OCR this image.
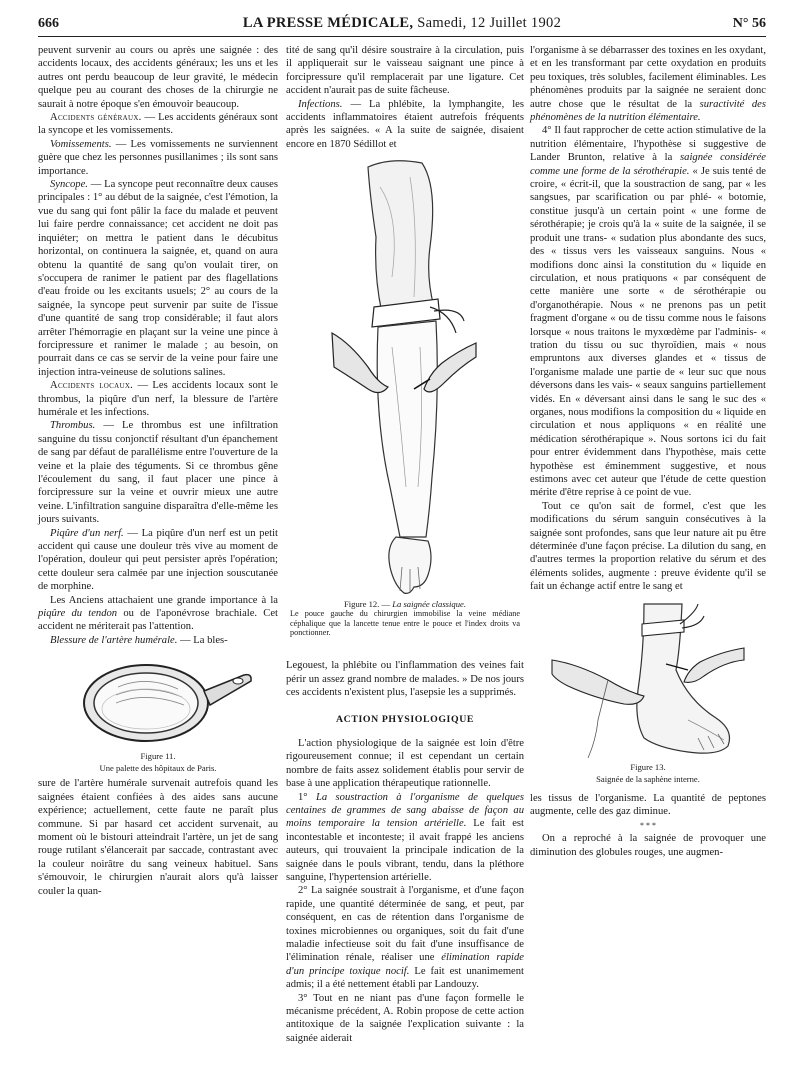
666	LA PRESSE MÉDICALE, Samedi, 12 Juillet 1902	N° 56

peuvent survenir au cours ou après une saignée : des accidents locaux, des accidents généraux; les uns et les autres ont perdu beaucoup de leur gravité, le médecin quelque peu au courant des choses de la chirurgie ne saurait à notre époque s'en émouvoir beaucoup.

Accidents généraux. — Les accidents généraux sont la syncope et les vomissements.

Vomissements. — Les vomissements ne surviennent guère que chez les personnes pusillanimes ; ils sont sans importance.

Syncope. — La syncope peut reconnaître deux causes principales : 1° au début de la saignée, c'est l'émotion, la vue du sang qui font pâlir la face du malade et peuvent lui faire perdre connaissance; cet accident ne doit pas inquiéter; on mettra le patient dans le décubitus horizontal, on continuera la saignée, et, quand on aura obtenu la quantité de sang qu'on voulait tirer, on s'occupera de ranimer le patient par des flagellations d'eau froide ou les excitants usuels; 2° au cours de la saignée, la syncope peut survenir par suite de l'issue d'une quantité de sang trop considérable; il faut alors arrêter l'hémorragie en plaçant sur la veine une pince à forcipressure et ranimer le malade ; au besoin, on pourrait dans ce cas se servir de la veine pour faire une injection intra-veineuse de solutions salines.

Accidents locaux. — Les accidents locaux sont le thrombus, la piqûre d'un nerf, la blessure de l'artère humérale et les infections.

Thrombus. — Le thrombus est une infiltration sanguine du tissu conjonctif résultant d'un épanchement de sang par défaut de parallélisme entre l'ouverture de la veine et la plaie des téguments. Si ce thrombus gêne l'écoulement du sang, il faut placer une pince à forcipressure sur la veine et ouvrir mieux une autre veine. L'infiltration sanguine disparaîtra d'elle-même les jours suivants.

Piqûre d'un nerf. — La piqûre d'un nerf est un petit accident qui cause une douleur très vive au moment de l'opération, douleur qui peut persister après l'opération; cette douleur sera calmée par une injection souscutanée de morphine.

Les Anciens attachaient une grande importance à la piqûre du tendon ou de l'aponévrose brachiale. Cet accident ne mériterait pas l'attention.

Blessure de l'artère humérale. — La bles-

Figure 11.
Une palette des hôpitaux de Paris.

sure de l'artère humérale survenait autrefois quand les saignées étaient confiées à des aides sans aucune expérience; actuellement, cette faute ne paraît plus commune. Si par hasard cet accident survenait, au moment où le bistouri atteindrait l'artère, un jet de sang rouge rutilant s'élancerait par saccade, contrastant avec la couleur noirâtre du sang veineux habituel. Sans s'émouvoir, le chirurgien n'aurait alors qu'à laisser couler la quan-

tité de sang qu'il désire soustraire à la circulation, puis il appliquerait sur le vaisseau saignant une pince à forcipressure qu'il remplacerait par une ligature. Cet accident n'aurait pas de suite fâcheuse.

Infections. — La phlébite, la lymphangite, les accidents inflammatoires étaient autrefois fréquents après les saignées. « A la suite de saignée, disaient encore en 1870 Sédillot et

Figure 12. — La saignée classique.
Le pouce gauche du chirurgien immobilise la veine médiane céphalique que la lancette tenue entre le pouce et l'index droits va ponctionner.

Legouest, la phlébite ou l'inflammation des veines fait périr un assez grand nombre de malades. » De nos jours ces accidents n'existent plus, l'asepsie les a supprimés.

ACTION PHYSIOLOGIQUE

L'action physiologique de la saignée est loin d'être rigoureusement connue; il est cependant un certain nombre de faits assez solidement établis pour servir de base à une application thérapeutique rationnelle.

1° La soustraction à l'organisme de quelques centaines de grammes de sang abaisse de façon au moins temporaire la tension artérielle. Le fait est incontestable et inconteste; il avait frappé les anciens auteurs, qui trouvaient la principale indication de la saignée dans le pouls vibrant, tendu, dans la pléthore sanguine, l'hypertension artérielle.

2° La saignée soustrait à l'organisme, et d'une façon rapide, une quantité déterminée de sang, et peut, par conséquent, en cas de rétention dans l'organisme de toxines microbiennes ou organiques, soit du fait d'une maladie infectieuse soit du fait d'une insuffisance de l'élimination rénale, réaliser une élimination rapide d'un principe toxique nocif. Le fait est unanimement admis; il a été nettement établi par Landouzy.

3° Tout en ne niant pas d'une façon formelle le mécanisme précédent, A. Robin propose de cette action antitoxique de la saignée l'explication suivante : la saignée aiderait

l'organisme à se débarrasser des toxines en les oxydant, et en les transformant par cette oxydation en produits peu toxiques, très solubles, facilement éliminables. Les phénomènes produits par la saignée ne seraient donc autre chose que le résultat de la suractivité des phénomènes de la nutrition élémentaire.

4° Il faut rapprocher de cette action stimulative de la nutrition élémentaire, l'hypothèse si suggestive de Lander Brunton, relative à la saignée considérée comme une forme de la sérothérapie. « Je suis tenté de croire, « écrit-il, que la soustraction de sang, par « les sangsues, par scarification ou par phlé- « botomie, constitue jusqu'à un certain point « une forme de sérothérapie; je crois qu'à la « suite de la saignée, il se produit une trans- « sudation plus abondante des sucs, des « tissus vers les vaisseaux sanguins. Nous « modifions donc ainsi la constitution du « liquide en circulation, et nous pratiquons « par conséquent de cette manière une sorte « de sérothérapie ou d'organothérapie. Nous « ne prenons pas un petit fragment d'organe « ou de tissu comme nous le faisons lorsque « nous traitons le myxœdème par l'adminis- « tration du tissu ou suc thyroïdien, mais « nous empruntons aux diverses glandes et « tissus de l'organisme malade une partie de « leur suc que nous déversons dans les vais- « seaux sanguins partiellement vidés. En « déversant ainsi dans le sang le suc des « organes, nous modifions la composition du « liquide en circulation et nous appliquons « en réalité une médication sérothérapique ». Nous sortons ici du fait pour entrer évidemment dans l'hypothèse, mais cette hypothèse est éminemment suggestive, et nous estimons avec cet auteur que l'étude de cette question mérite d'être reprise à ce point de vue.

Tout ce qu'on sait de formel, c'est que les modifications du sérum sanguin consécutives à la saignée sont profondes, sans que leur nature ait pu être déterminée d'une façon précise. La dilution du sang, en d'autres termes la proportion relative du sérum et des éléments solides, augmente : preuve évidente qu'il se fait un échange actif entre le sang et

Figure 13.
Saignée de la saphène interne.

les tissus de l'organisme. La quantité de peptones augmente, celle des gaz diminue.

* * *

On a reproché à la saignée de provoquer une diminution des globules rouges, une augmen-
